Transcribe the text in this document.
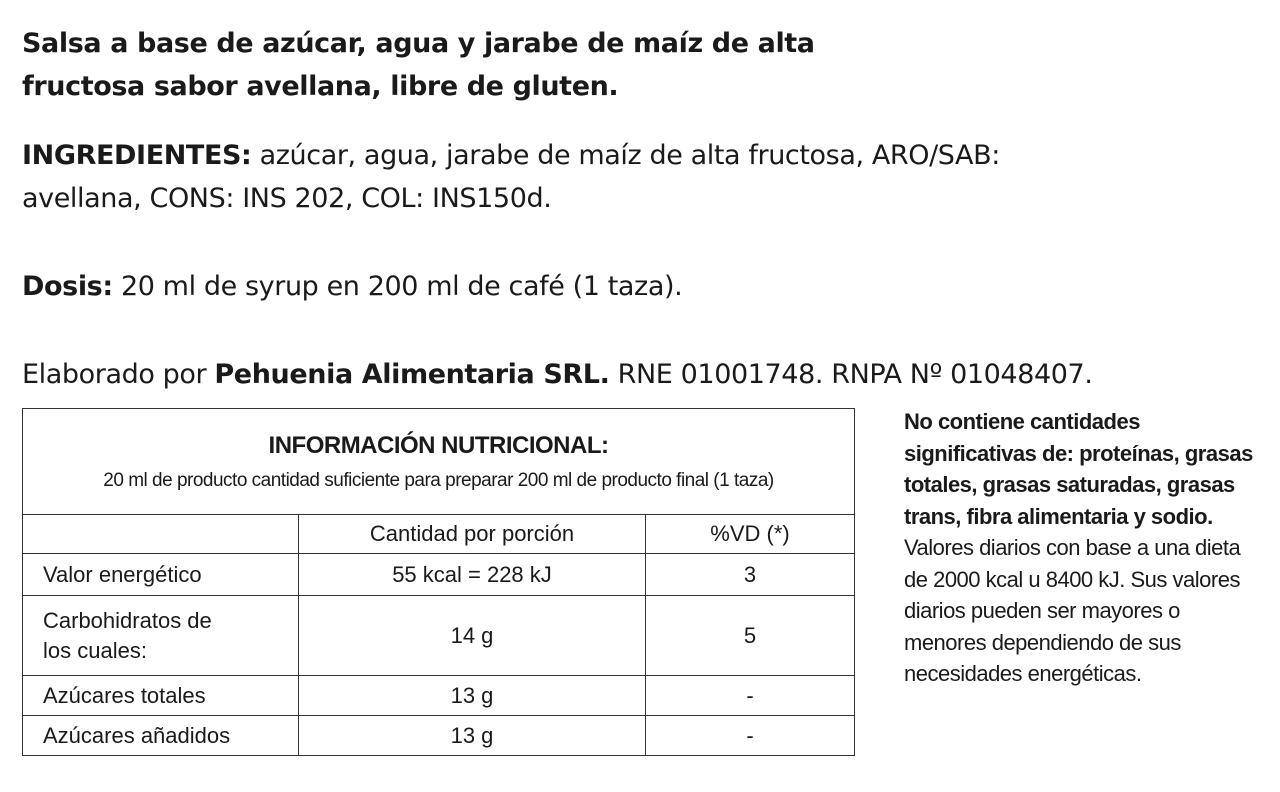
Salsa a base de azúcar, agua y jarabe de maíz de alta
fructosa sabor avellana, libre de gluten.
INGREDIENTES: azúcar, agua, jarabe de maíz de alta fructosa, ARO/SAB:
avellana, CONS: INS 202, COL: INS150d.
Dosis: 20 ml de syrup en 200 ml de café (1 taza).
Elaborado por Pehuenia Alimentaria SRL. RNE 01001748. RNPA Nº 01048407.
INFORMACIÓN NUTRICIONAL:
20 ml de producto cantidad suficiente para preparar 200 ml de producto final (1 taza)		

	Cantidad por porción	%VD (*)
Valor energético	55 kcal = 228 kJ	3
Carbohidratos de
los cuales:	14 g	5
Azúcares totales	13 g	-
Azúcares añadidos	13 g	-
No contiene cantidades significativas de: proteínas, grasas totales, grasas saturadas, grasas trans, fibra alimentaria y sodio.
Valores diarios con base a una dieta de 2000 kcal u 8400 kJ. Sus valores diarios pueden ser mayores o menores dependiendo de sus necesidades energéticas.
